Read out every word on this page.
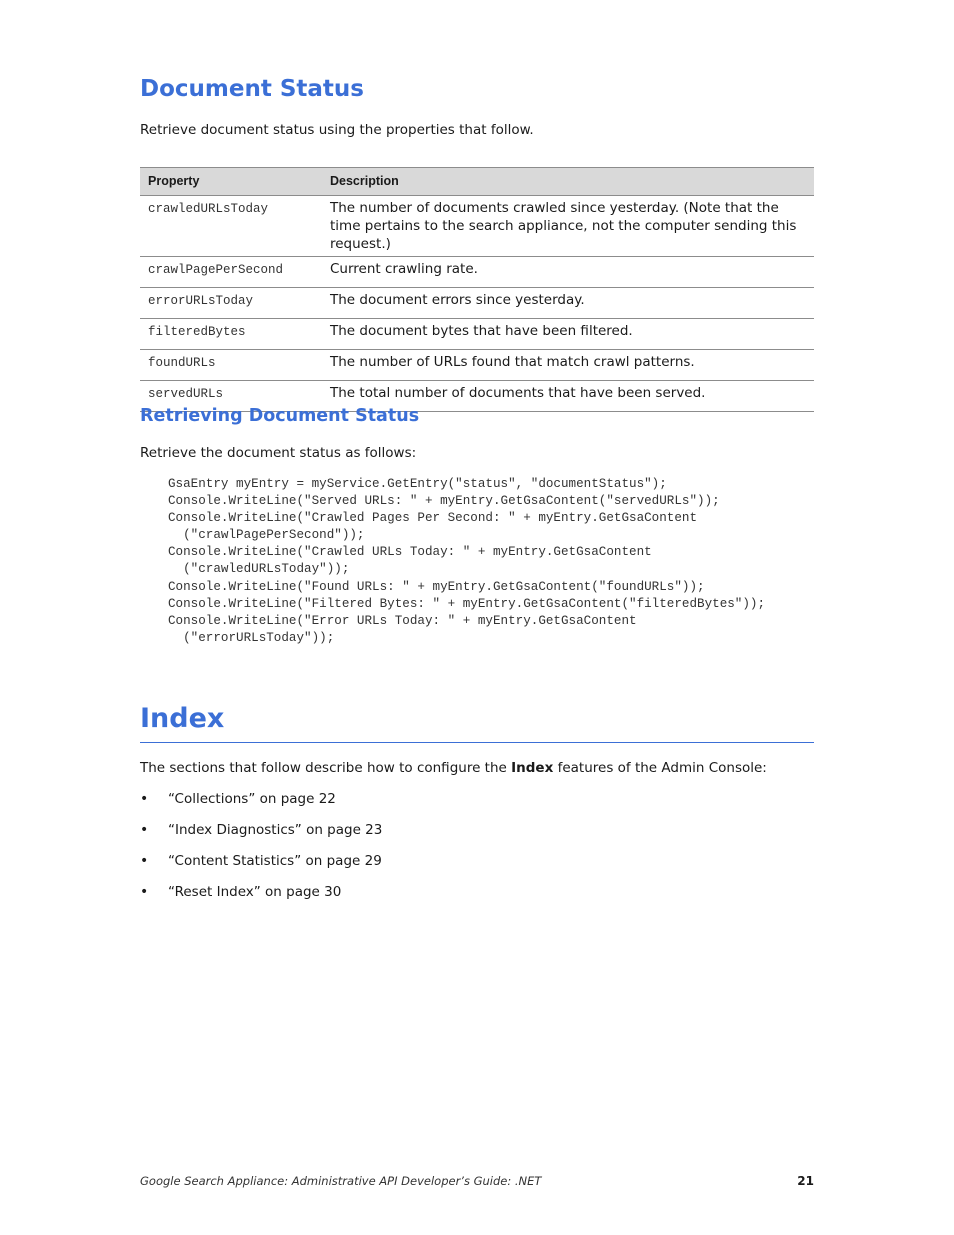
Document Status

Retrieve document status using the properties that follow.

Property	Description
crawledURLsToday	The number of documents crawled since yesterday. (Note that the time pertains to the search appliance, not the computer sending this request.)
crawlPagePerSecond	Current crawling rate.
errorURLsToday	The document errors since yesterday.
filteredBytes	The document bytes that have been filtered.
foundURLs	The number of URLs found that match crawl patterns.
servedURLs	The total number of documents that have been served.
Retrieving Document Status

Retrieve the document status as follows:

GsaEntry myEntry = myService.GetEntry("status", "documentStatus");
Console.WriteLine("Served URLs: " + myEntry.GetGsaContent("servedURLs"));
Console.WriteLine("Crawled Pages Per Second: " + myEntry.GetGsaContent
("crawlPagePerSecond"));
Console.WriteLine("Crawled URLs Today: " + myEntry.GetGsaContent
("crawledURLsToday"));
Console.WriteLine("Found URLs: " + myEntry.GetGsaContent("foundURLs"));
Console.WriteLine("Filtered Bytes: " + myEntry.GetGsaContent("filteredBytes"));
Console.WriteLine("Error URLs Today: " + myEntry.GetGsaContent
("errorURLsToday"));
Index

The sections that follow describe how to configure the Index features of the Admin Console:

• “Collections” on page 22
• “Index Diagnostics” on page 23
• “Content Statistics” on page 29
• “Reset Index” on page 30
Google Search Appliance: Administrative API Developer’s Guide: .NET	21
